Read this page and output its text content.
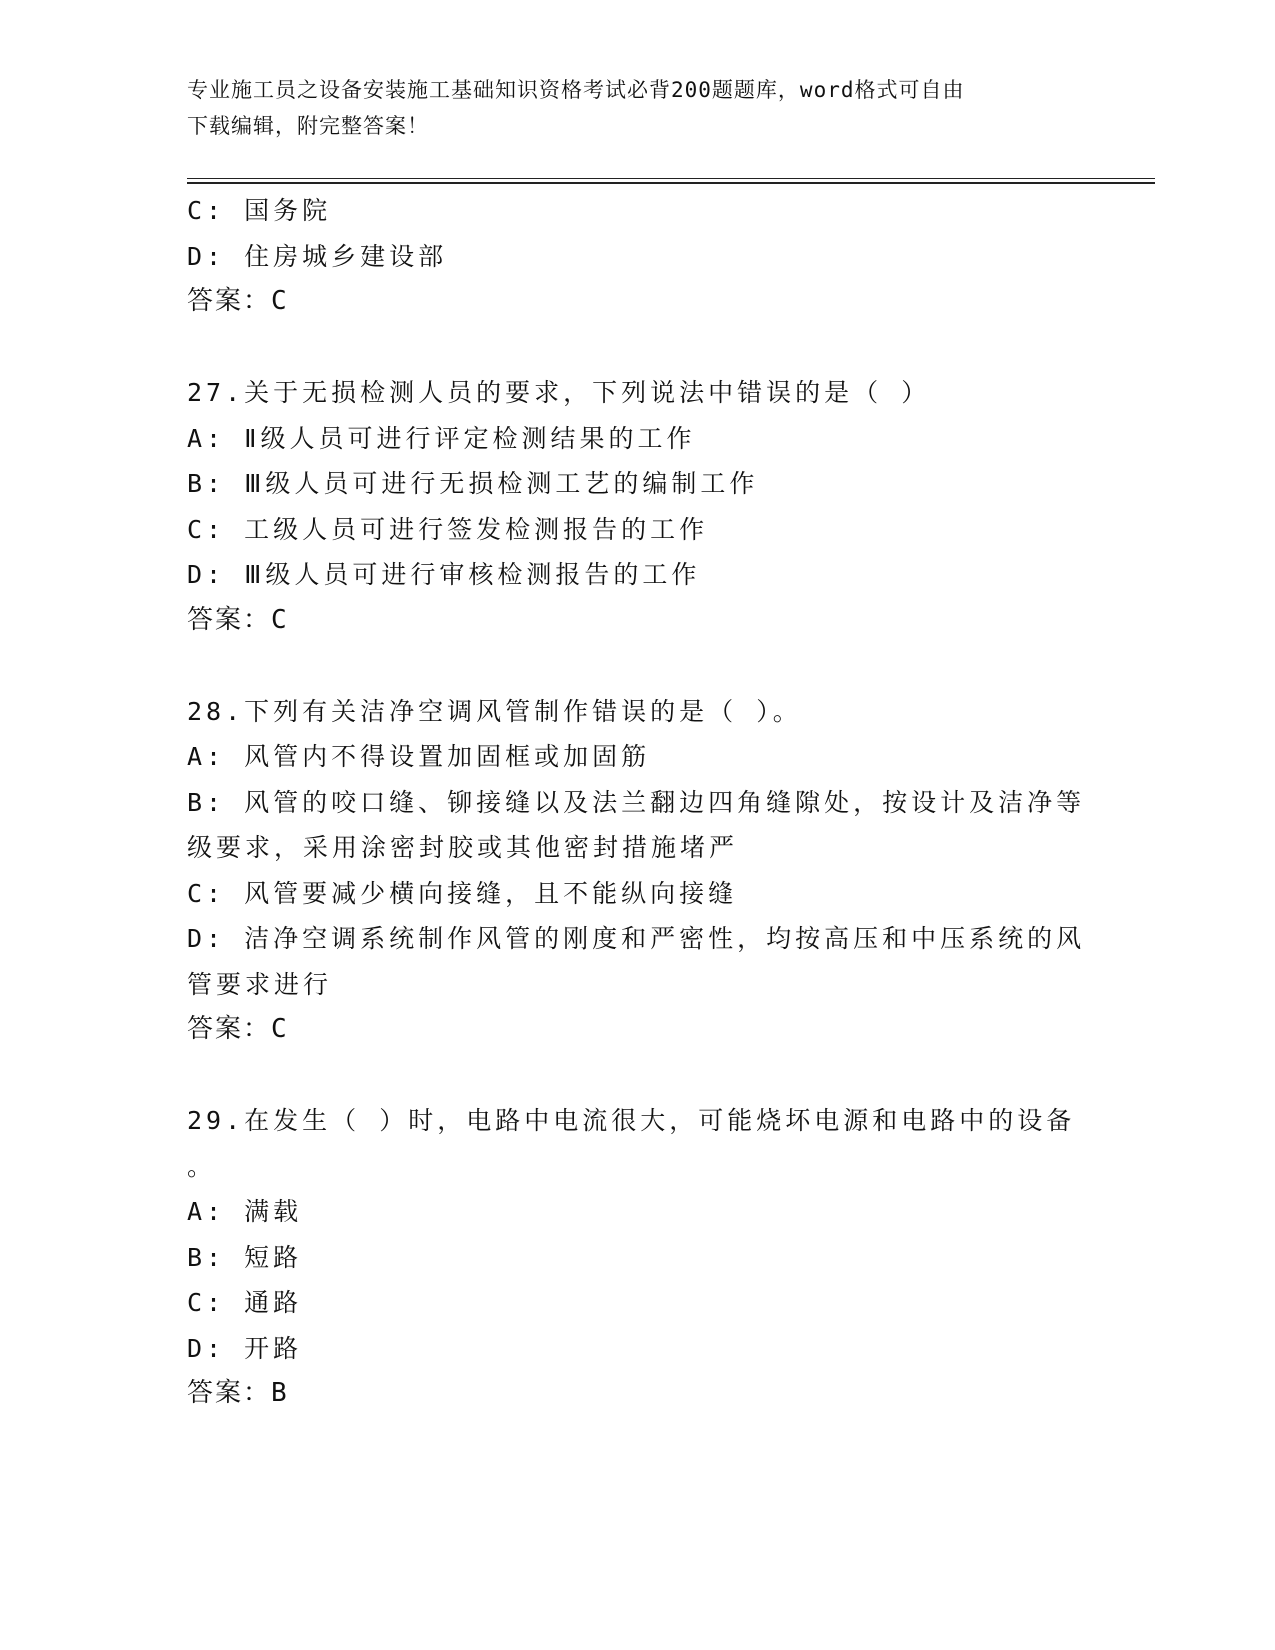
专业施工员之设备安装施工基础知识资格考试必背200题题库，word格式可自由
下载编辑，附完整答案！
C: 国务院
D: 住房城乡建设部
答案：C
27.关于无损检测人员的要求，下列说法中错误的是（ ）
A: Ⅱ级人员可进行评定检测结果的工作
B: Ⅲ级人员可进行无损检测工艺的编制工作
C: 工级人员可进行签发检测报告的工作
D: Ⅲ级人员可进行审核检测报告的工作
答案：C
28.下列有关洁净空调风管制作错误的是（ ）。
A: 风管内不得设置加固框或加固筋
B: 风管的咬口缝、铆接缝以及法兰翻边四角缝隙处，按设计及洁净等
级要求，采用涂密封胶或其他密封措施堵严
C: 风管要减少横向接缝，且不能纵向接缝
D: 洁净空调系统制作风管的刚度和严密性，均按高压和中压系统的风
管要求进行
答案：C
29.在发生（ ）时，电路中电流很大，可能烧坏电源和电路中的设备
。
A: 满载
B: 短路
C: 通路
D: 开路
答案：B
